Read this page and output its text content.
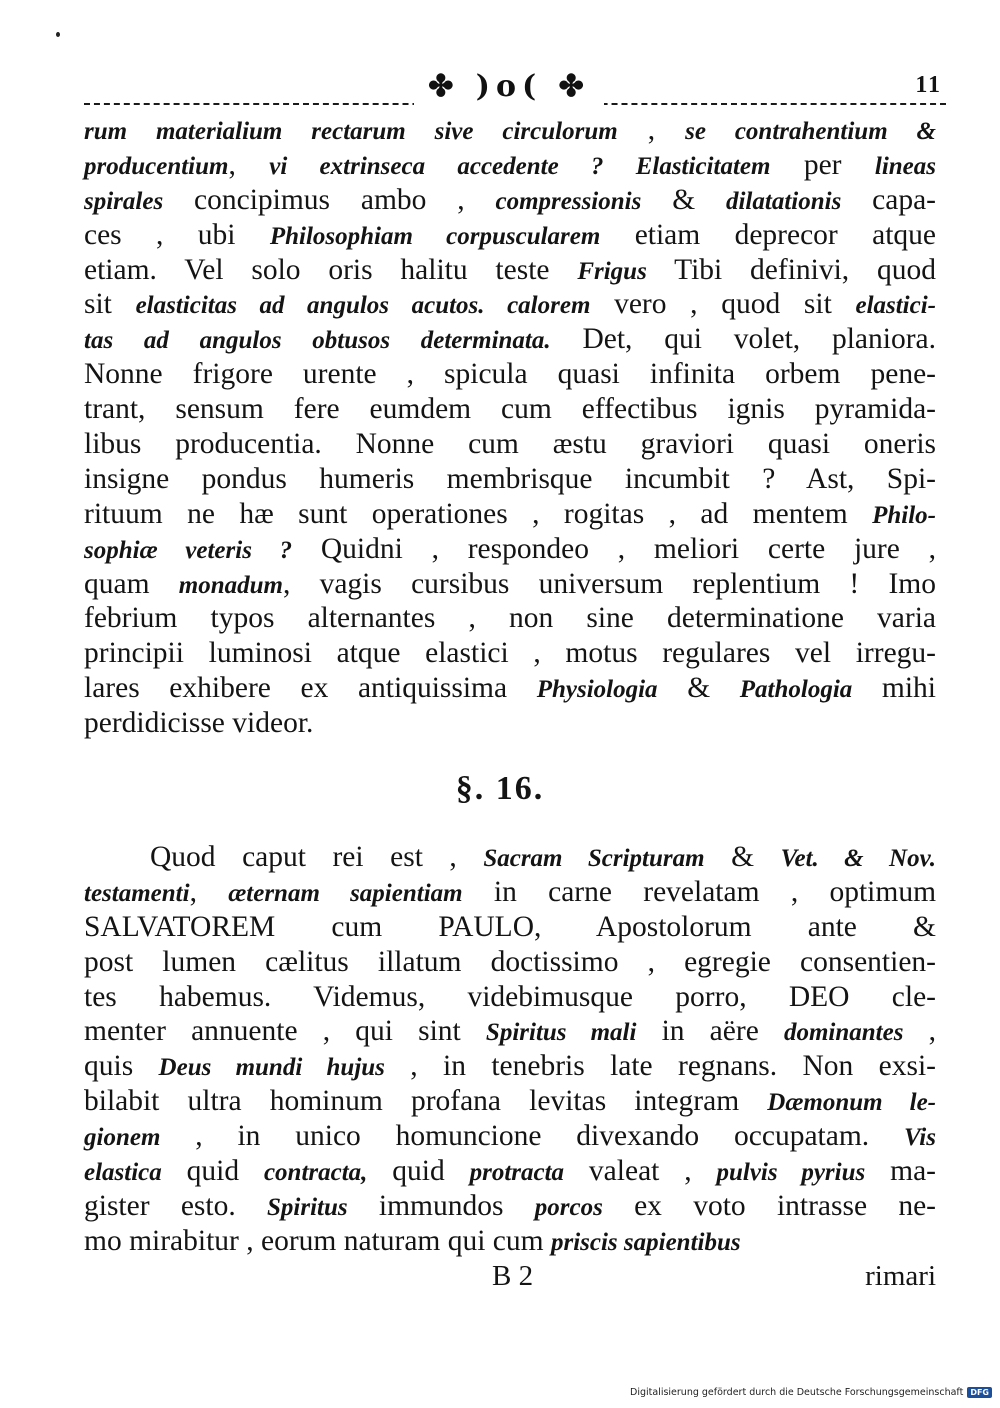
✤ )o( ✤	11
rum materialium rectarum sive circulorum , se contrahentium &
producentium, vi extrinseca accedente ? Elasticitatem per lineas
spirales concipimus ambo , compressionis & dilatationis capa-
ces , ubi Philosophiam corpuscularem etiam deprecor atque
etiam. Vel solo oris halitu teste Frigus Tibi definivi, quod
sit elasticitas ad angulos acutos. calorem vero , quod sit elastici-
tas ad angulos obtusos determinata. Det, qui volet, planiora.
Nonne frigore urente , spicula quasi infinita orbem pene-
trant, sensum fere eumdem cum effectibus ignis pyramida-
libus producentia. Nonne cum æstu graviori quasi oneris
insigne pondus humeris membrisque incumbit ? Ast, Spi-
rituum ne hæ sunt operationes , rogitas , ad mentem Philo-
sophiæ veteris ? Quidni , respondeo , meliori certe jure ,
quam monadum, vagis cursibus universum replentium ! Imo
febrium typos alternantes , non sine determinatione varia
principii luminosi atque elastici , motus regulares vel irregu-
lares exhibere ex antiquissima Physiologia & Pathologia mihi
perdidicisse videor.
§. 16.
Quod caput rei est , Sacram Scripturam & Vet. & Nov.
testamenti, æternam sapientiam in carne revelatam , optimum
SALVATOREM cum PAULO, Apostolorum ante &
post lumen cælitus illatum doctissimo , egregie consentien-
tes habemus. Videmus, videbimusque porro, DEO cle-
menter annuente , qui sint Spiritus mali in aëre dominantes ,
quis Deus mundi hujus , in tenebris late regnans. Non exsi-
bilabit ultra hominum profana levitas integram Dæmonum le-
gionem , in unico homuncione divexando occupatam. Vis
elastica quid contracta, quid protracta valeat , pulvis pyrius ma-
gister esto. Spiritus immundos porcos ex voto intrasse ne-
mo mirabitur , eorum naturam qui cum priscis sapientibus
B 2	rimari
Digitalisierung gefördert durch die Deutsche Forschungsgemeinschaft DFG
